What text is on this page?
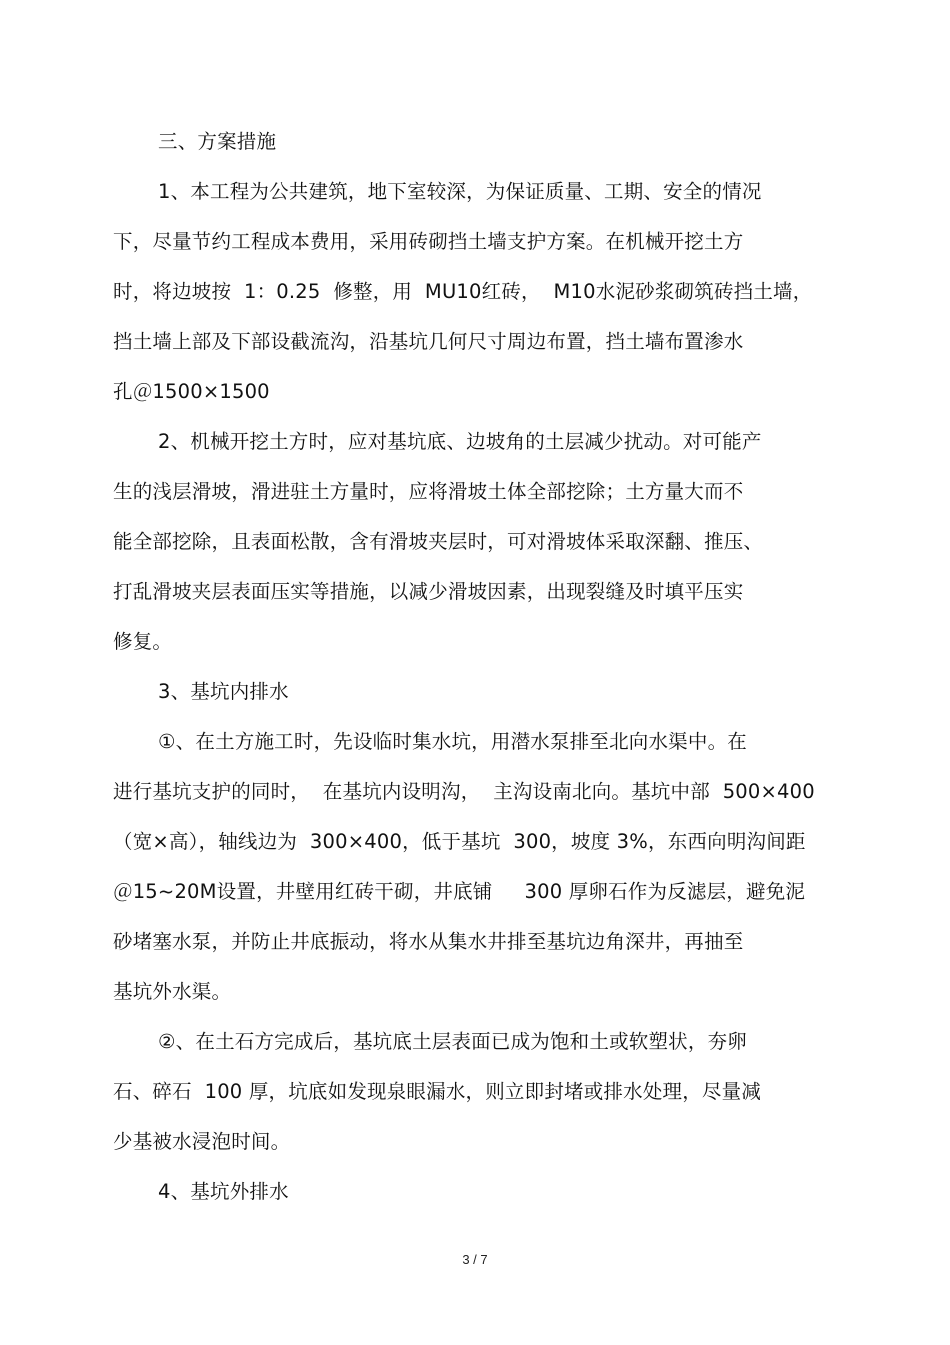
三、方案措施
1、本工程为公共建筑，地下室较深，为保证质量、工期、安全的情况
下，尽量节约工程成本费用，采用砖砌挡土墙支护方案。在机械开挖土方
时，将边坡按  1：0.25  修整，用  MU10红砖，  M10水泥砂浆砌筑砖挡土墙，
挡土墙上部及下部设截流沟，沿基坑几何尺寸周边布置，挡土墙布置渗水
孔＠1500×1500
2、机械开挖土方时，应对基坑底、边坡角的土层减少扰动。对可能产
生的浅层滑坡，滑进驻土方量时，应将滑坡土体全部挖除；土方量大而不
能全部挖除，且表面松散，含有滑坡夹层时，可对滑坡体采取深翻、推压、
打乱滑坡夹层表面压实等措施，以减少滑坡因素，出现裂缝及时填平压实
修复。
3、基坑内排水
①、在土方施工时，先设临时集水坑，用潜水泵排至北向水渠中。在
进行基坑支护的同时，  在基坑内设明沟，  主沟设南北向。基坑中部  500×400
（宽×高），轴线边为  300×400，低于基坑  300，坡度 3%，东西向明沟间距
＠15~20M设置，井壁用红砖干砌，井底铺     300 厚卵石作为反滤层，避免泥
砂堵塞水泵，并防止井底振动，将水从集水井排至基坑边角深井，再抽至
基坑外水渠。
②、在土石方完成后，基坑底土层表面已成为饱和土或软塑状，夯卵
石、碎石  100 厚，坑底如发现泉眼漏水，则立即封堵或排水处理，尽量减
少基被水浸泡时间。
4、基坑外排水
3 / 7
